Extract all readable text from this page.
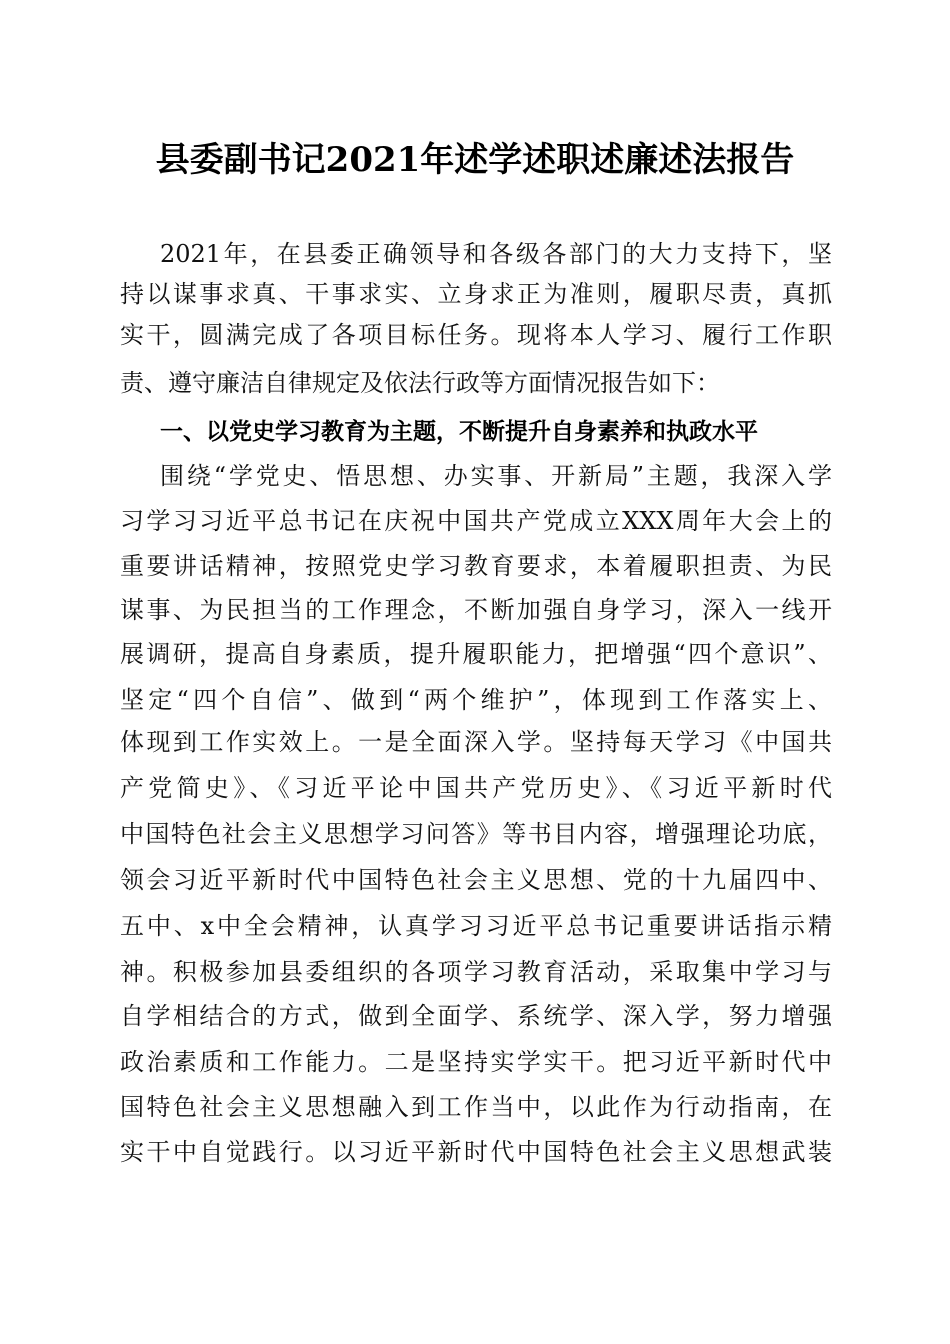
县委副书记2021年述学述职述廉述法报告
2021年，在县委正确领导和各级各部门的大力支持下，坚
持以谋事求真、干事求实、立身求正为准则，履职尽责，真抓
实干，圆满完成了各项目标任务。现将本人学习、履行工作职
责、遵守廉洁自律规定及依法行政等方面情况报告如下：
一、以党史学习教育为主题，不断提升自身素养和执政水平
围绕“学党史、悟思想、办实事、开新局”主题，我深入学
习学习习近平总书记在庆祝中国共产党成立XXX周年大会上的
重要讲话精神，按照党史学习教育要求，本着履职担责、为民
谋事、为民担当的工作理念，不断加强自身学习，深入一线开
展调研，提高自身素质，提升履职能力，把增强“四个意识”、
坚定“四个自信”、做到“两个维护”，体现到工作落实上、
体现到工作实效上。一是全面深入学。坚持每天学习《中国共
产党简史》、《习近平论中国共产党历史》、《习近平新时代
中国特色社会主义思想学习问答》等书目内容，增强理论功底，
领会习近平新时代中国特色社会主义思想、党的十九届四中、
五中、x中全会精神，认真学习习近平总书记重要讲话指示精
神。积极参加县委组织的各项学习教育活动，采取集中学习与
自学相结合的方式，做到全面学、系统学、深入学，努力增强
政治素质和工作能力。二是坚持实学实干。把习近平新时代中
国特色社会主义思想融入到工作当中，以此作为行动指南，在
实干中自觉践行。以习近平新时代中国特色社会主义思想武装
